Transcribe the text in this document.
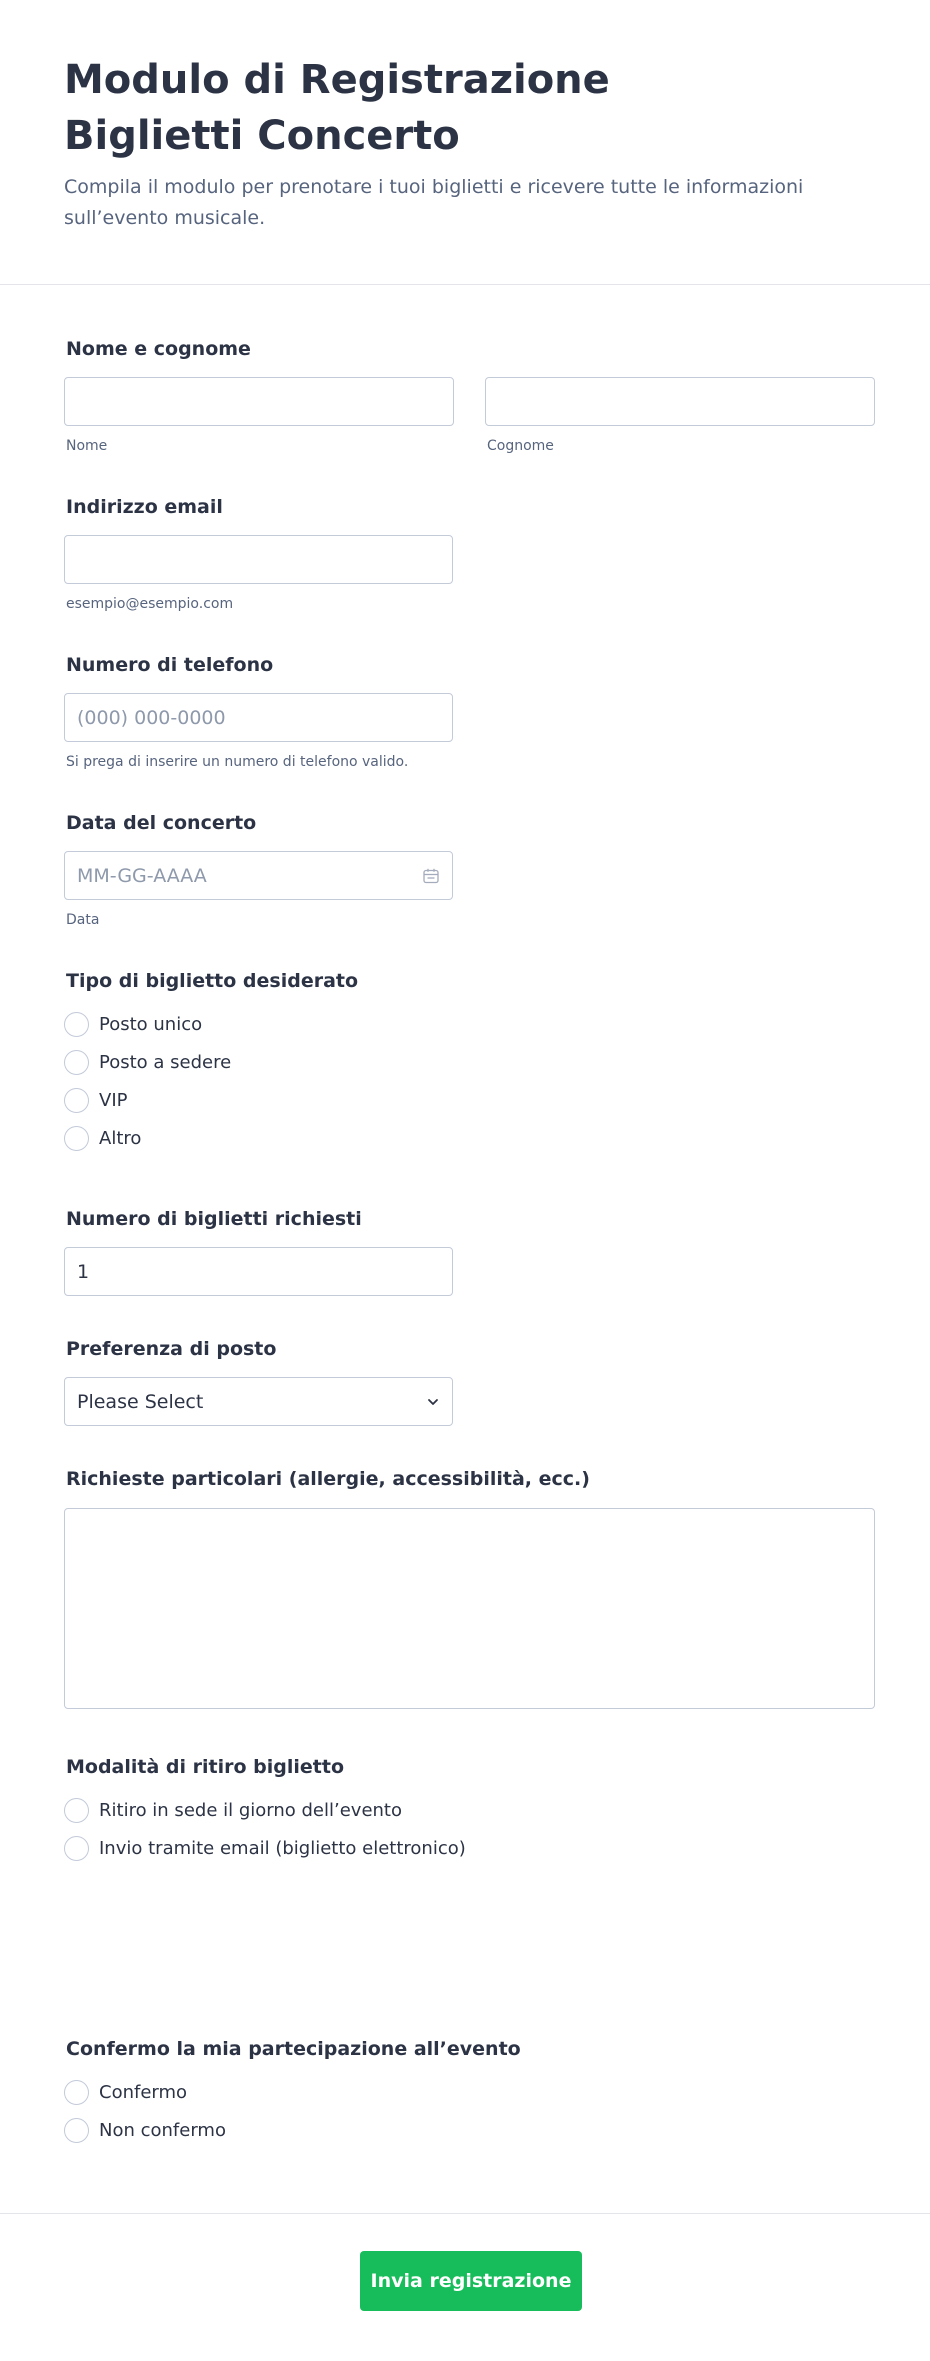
Modulo di Registrazione Biglietti Concerto

Compila il modulo per prenotare i tuoi biglietti e ricevere tutte le informazioni sull’evento musicale.

Nome e cognome
Nome	Cognome
Indirizzo email
esempio@esempio.com
Numero di telefono
(000) 000-0000
Si prega di inserire un numero di telefono valido.
Data del concerto
MM-GG-AAAA
Data
Tipo di biglietto desiderato
Posto unico
Posto a sedere
VIP
Altro
Numero di biglietti richiesti
1
Preferenza di posto
Please Select
Richieste particolari (allergie, accessibilità, ecc.)
Modalità di ritiro biglietto
Ritiro in sede il giorno dell’evento
Invio tramite email (biglietto elettronico)
Confermo la mia partecipazione all’evento
Confermo
Non confermo
Invia registrazione
